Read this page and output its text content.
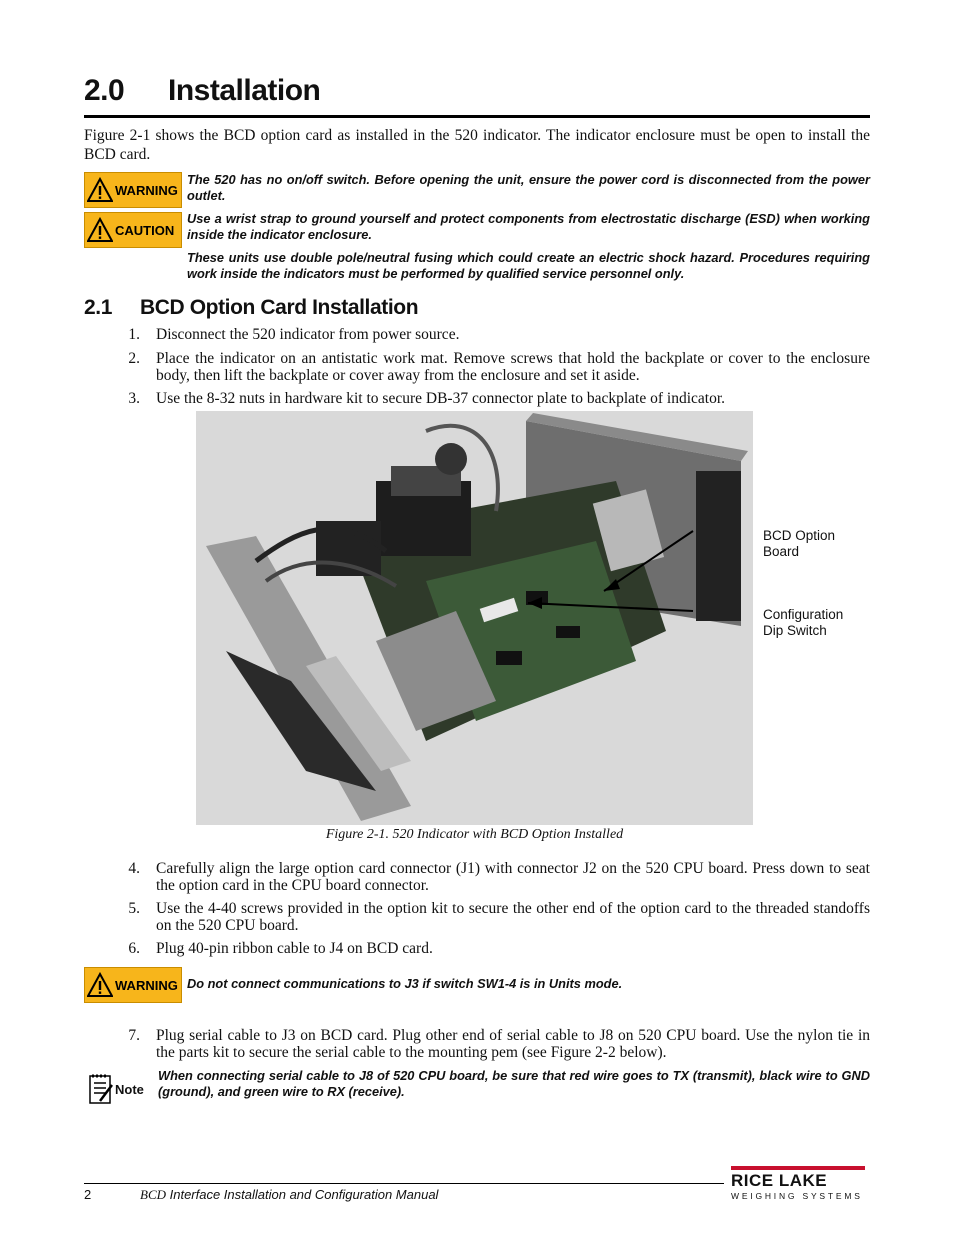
2.0 Installation
Figure 2-1 shows the BCD option card as installed in the 520 indicator. The indicator enclosure must be open to install the BCD card.
WARNING
The 520 has no on/off switch. Before opening the unit, ensure the power cord is disconnected from the power outlet.
CAUTION
Use a wrist strap to ground yourself and protect components from electrostatic discharge (ESD) when working inside the indicator enclosure.
These units use double pole/neutral fusing which could create an electric shock hazard. Procedures requiring work inside the indicators must be performed by qualified service personnel only.
2.1 BCD Option Card Installation
1.	Disconnect the 520 indicator from power source.
2.	Place the indicator on an antistatic work mat. Remove screws that hold the backplate or cover to the enclosure body, then lift the backplate or cover away from the enclosure and set it aside.
3.	Use the 8-32 nuts in hardware kit to secure DB-37 connector plate to backplate of indicator.
BCD Option
Board
Configuration
Dip Switch
Figure 2-1. 520 Indicator with BCD Option Installed
4.	Carefully align the large option card connector (J1) with connector J2 on the 520 CPU board. Press down to seat the option card in the CPU board connector.
5.	Use the 4-40 screws provided in the option kit to secure the other end of the option card to the threaded standoffs on the 520 CPU board.
6.	Plug 40-pin ribbon cable to J4 on BCD card.
WARNING Do not connect communications to J3 if switch SW1-4 is in Units mode.
7.	Plug serial cable to J3 on BCD card. Plug other end of serial cable to J8 on 520 CPU board. Use the nylon tie in the parts kit to secure the serial cable to the mounting pem (see Figure 2-2 below).
Note
When connecting serial cable to J8 of 520 CPU board, be sure that red wire goes to TX (transmit), black wire to GND (ground), and green wire to RX (receive).
2	BCD Interface Installation and Configuration Manual
RICE LAKE
WEIGHING SYSTEMS
